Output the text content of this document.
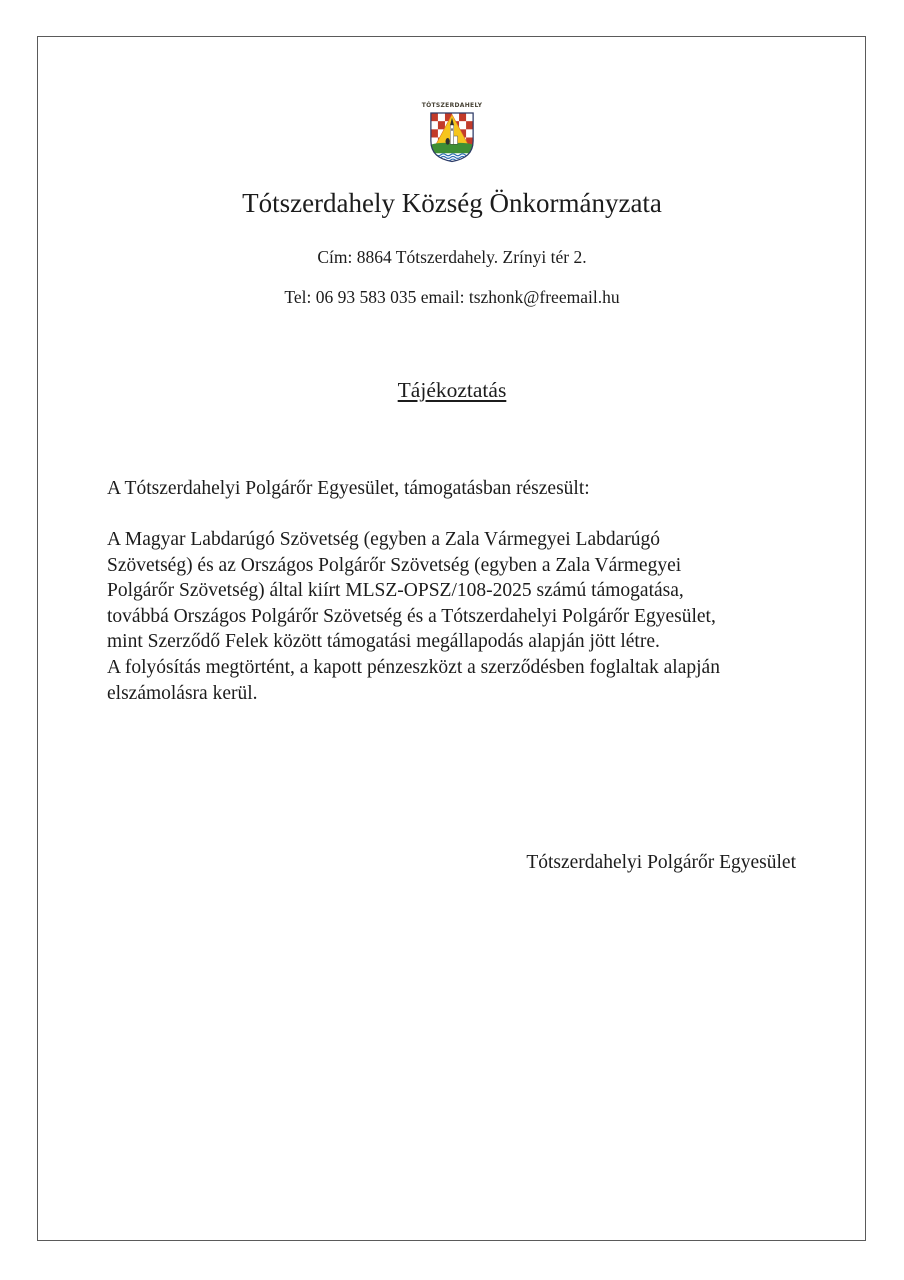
TÓTSZERDAHELY
Tótszerdahely Község Önkormányzata
Cím: 8864 Tótszerdahely. Zrínyi tér 2.
Tel: 06 93 583 035 email: tszhonk@freemail.hu
Tájékoztatás
A Tótszerdahelyi Polgárőr Egyesület, támogatásban részesült:
A Magyar Labdarúgó Szövetség (egyben a Zala Vármegyei Labdarúgó
Szövetség) és az Országos Polgárőr Szövetség (egyben a Zala Vármegyei
Polgárőr Szövetség) által kiírt MLSZ-OPSZ/108-2025 számú támogatása,
továbbá Országos Polgárőr Szövetség és a Tótszerdahelyi Polgárőr Egyesület,
mint Szerződő Felek között támogatási megállapodás alapján jött létre.
A folyósítás megtörtént, a kapott pénzeszközt a szerződésben foglaltak alapján
elszámolásra kerül.
Tótszerdahelyi Polgárőr Egyesület
